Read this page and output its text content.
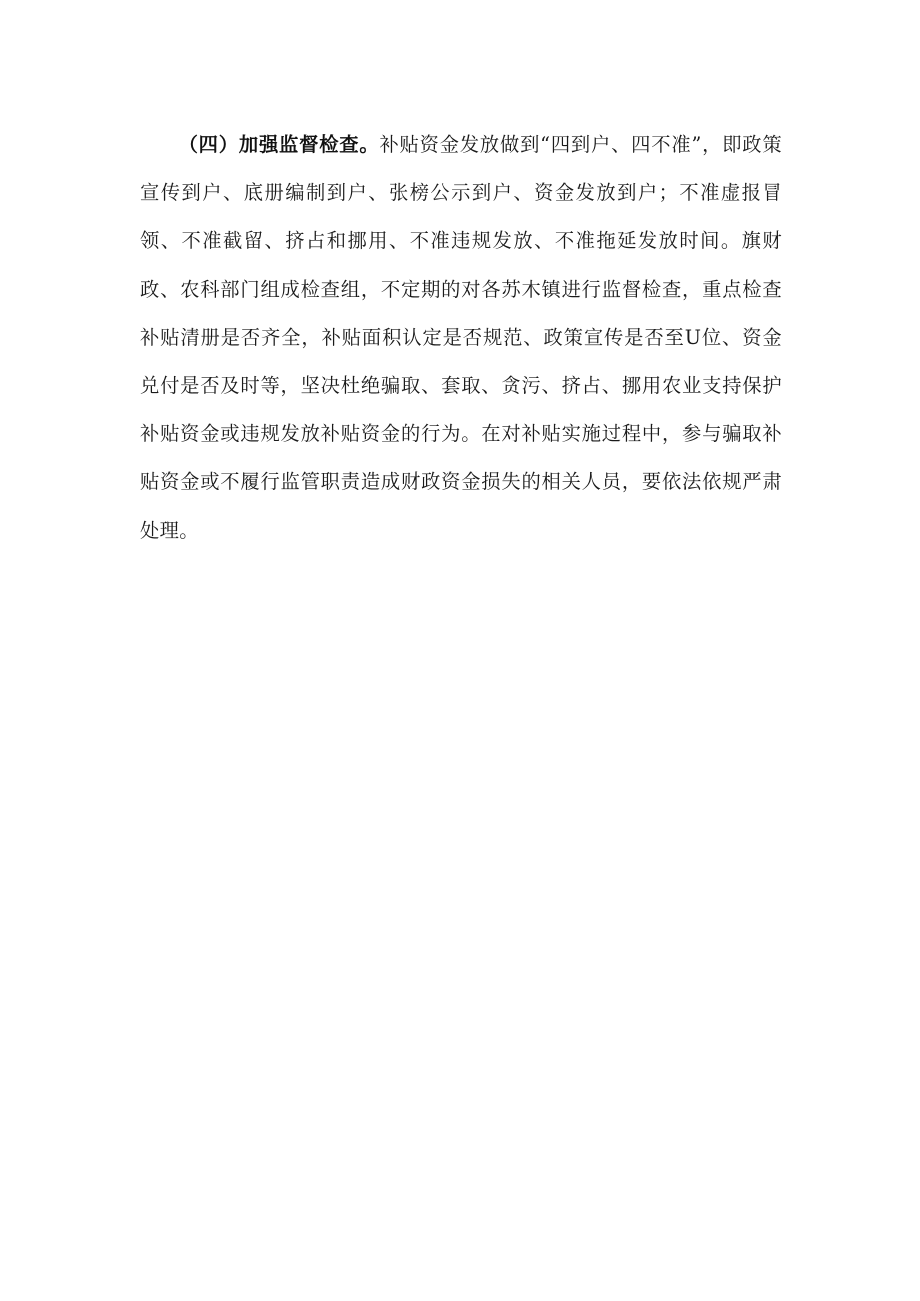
（四）加强监督检查。补贴资金发放做到“四到户、四不准”，即政策宣传到户、底册编制到户、张榜公示到户、资金发放到户；不准虚报冒领、不准截留、挤占和挪用、不准违规发放、不准拖延发放时间。旗财政、农科部门组成检查组，不定期的对各苏木镇进行监督检查，重点检查补贴清册是否齐全，补贴面积认定是否规范、政策宣传是否至U位、资金兑付是否及时等，坚决杜绝骗取、套取、贪污、挤占、挪用农业支持保护补贴资金或违规发放补贴资金的行为。在对补贴实施过程中，参与骗取补贴资金或不履行监管职责造成财政资金损失的相关人员，要依法依规严肃处理。
